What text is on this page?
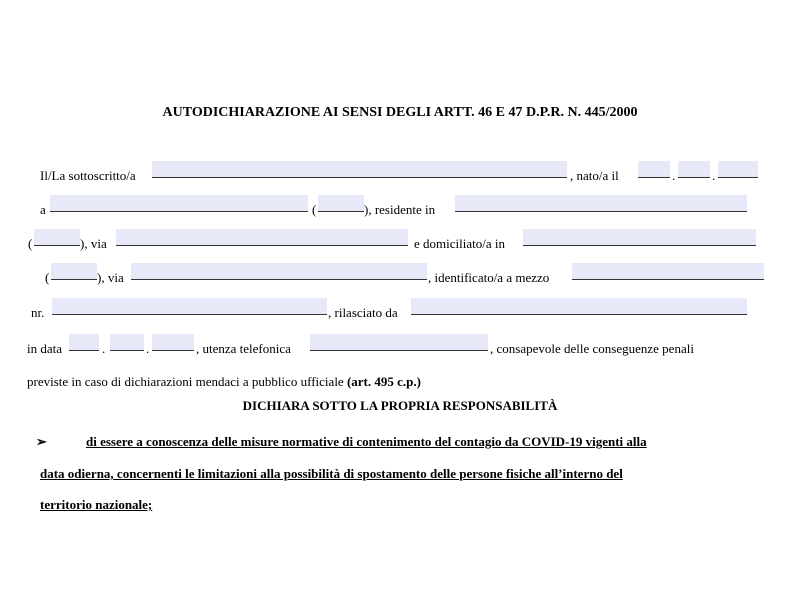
AUTODICHIARAZIONE AI SENSI DEGLI ARTT. 46 E 47 D.P.R. N. 445/2000
Il/La sottoscritto/a	, nato/a il	.	.
a	(	), residente in
(	), via	e domiciliato/a in
(	), via	, identificato/a a mezzo
nr.	, rilasciato da
in data	.	.	, utenza telefonica	, consapevole delle conseguenze penali
previste in caso di dichiarazioni mendaci a pubblico ufficiale (art. 495 c.p.)
DICHIARA SOTTO LA PROPRIA RESPONSABILITÀ
➢	di essere a conoscenza delle misure normative di contenimento del contagio da COVID-19 vigenti alla
data odierna, concernenti le limitazioni alla possibilità di spostamento delle persone fisiche all’interno del
territorio nazionale;
